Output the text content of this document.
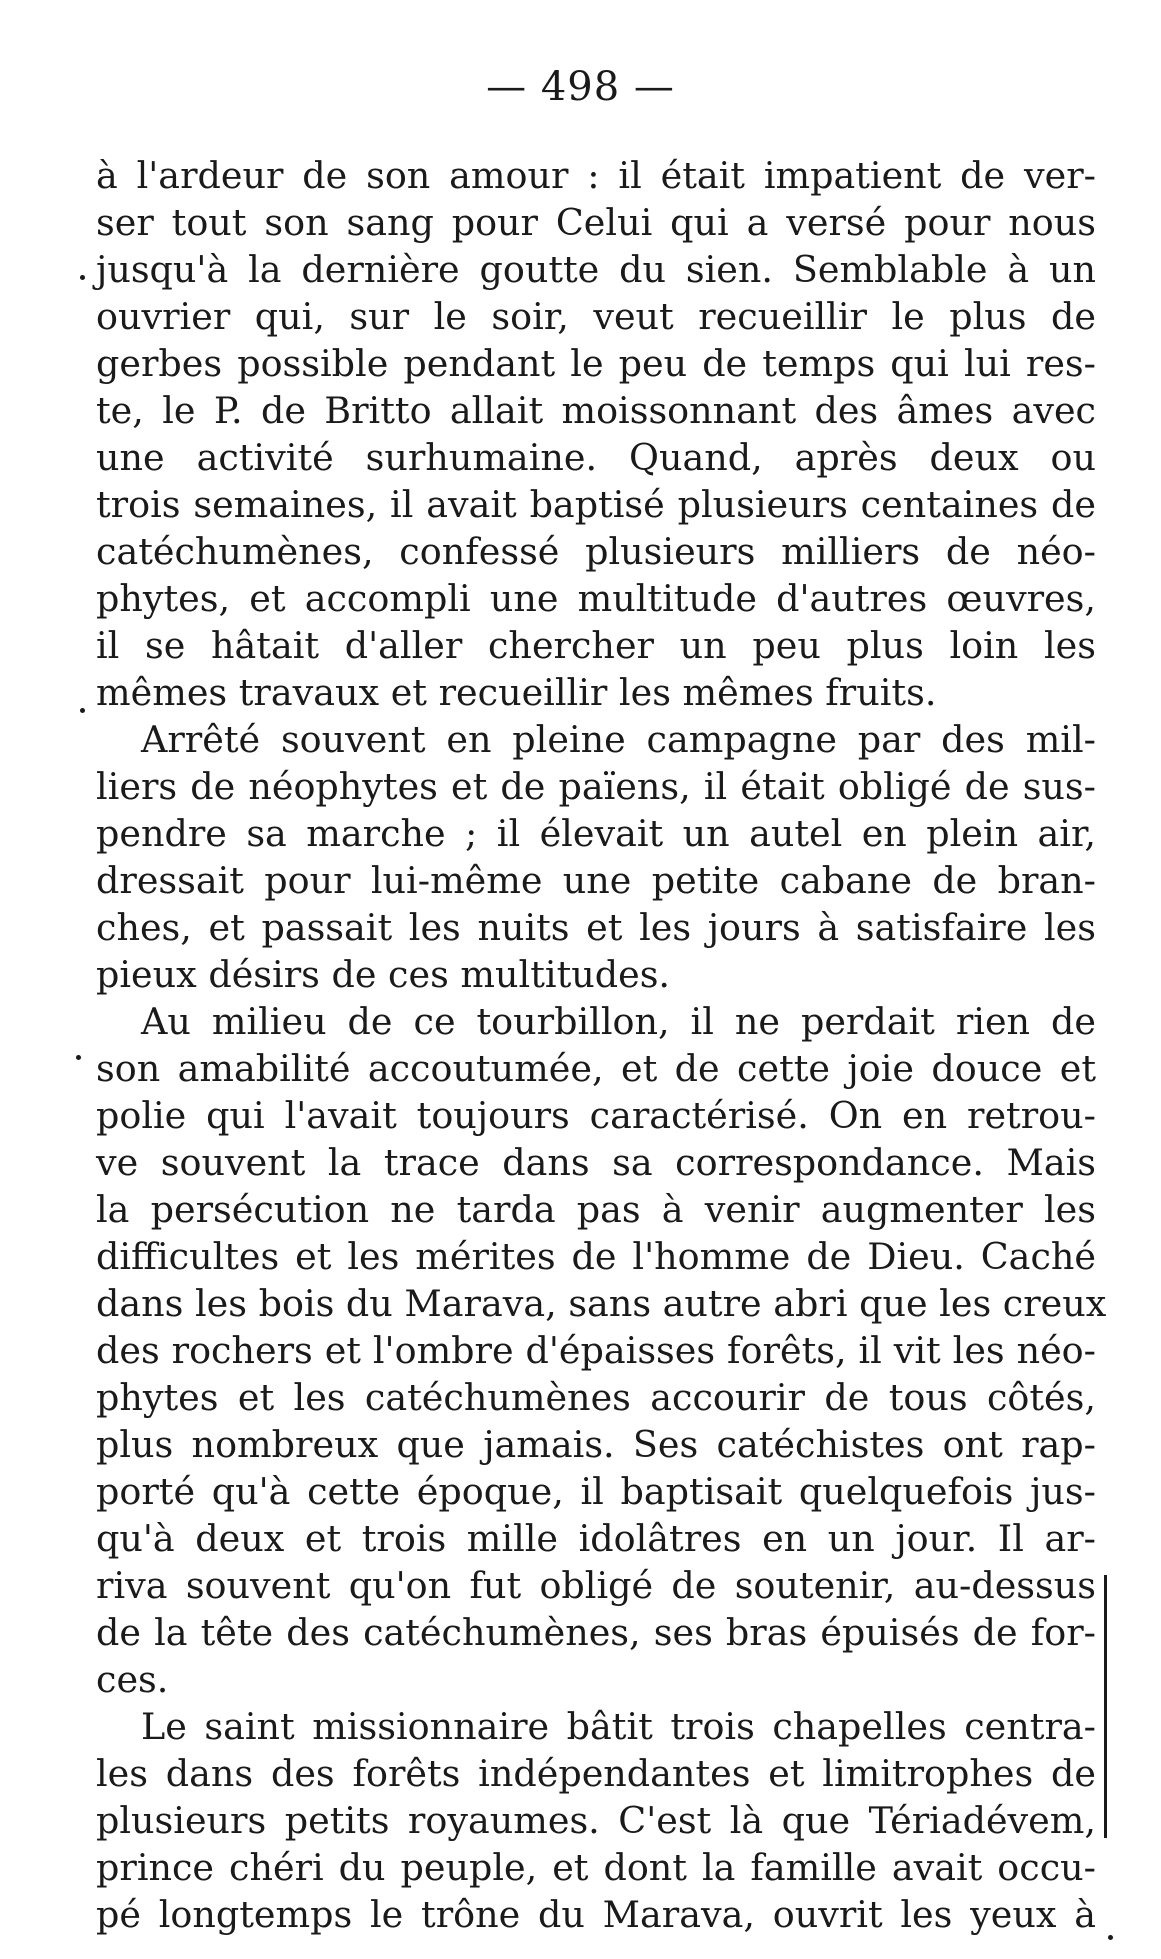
— 498 —
à l'ardeur de son amour : il était impatient de ver-
ser tout son sang pour Celui qui a versé pour nous
jusqu'à la dernière goutte du sien. Semblable à un
ouvrier qui, sur le soir, veut recueillir le plus de
gerbes possible pendant le peu de temps qui lui res-
te, le P. de Britto allait moissonnant des âmes avec
une activité surhumaine. Quand, après deux ou
trois semaines, il avait baptisé plusieurs centaines de
catéchumènes, confessé plusieurs milliers de néo-
phytes, et accompli une multitude d'autres œuvres,
il se hâtait d'aller chercher un peu plus loin les
mêmes travaux et recueillir les mêmes fruits.
Arrêté souvent en pleine campagne par des mil-
liers de néophytes et de païens, il était obligé de sus-
pendre sa marche ; il élevait un autel en plein air,
dressait pour lui-même une petite cabane de bran-
ches, et passait les nuits et les jours à satisfaire les
pieux désirs de ces multitudes.
Au milieu de ce tourbillon, il ne perdait rien de
son amabilité accoutumée, et de cette joie douce et
polie qui l'avait toujours caractérisé. On en retrou-
ve souvent la trace dans sa correspondance. Mais
la persécution ne tarda pas à venir augmenter les
difficultes et les mérites de l'homme de Dieu. Caché
dans les bois du Marava, sans autre abri que les creux
des rochers et l'ombre d'épaisses forêts, il vit les néo-
phytes et les catéchumènes accourir de tous côtés,
plus nombreux que jamais. Ses catéchistes ont rap-
porté qu'à cette époque, il baptisait quelquefois jus-
qu'à deux et trois mille idolâtres en un jour. Il ar-
riva souvent qu'on fut obligé de soutenir, au-dessus
de la tête des catéchumènes, ses bras épuisés de for-
ces.
Le saint missionnaire bâtit trois chapelles centra-
les dans des forêts indépendantes et limitrophes de
plusieurs petits royaumes. C'est là que Tériadévem,
prince chéri du peuple, et dont la famille avait occu-
pé longtemps le trône du Marava, ouvrit les yeux à
